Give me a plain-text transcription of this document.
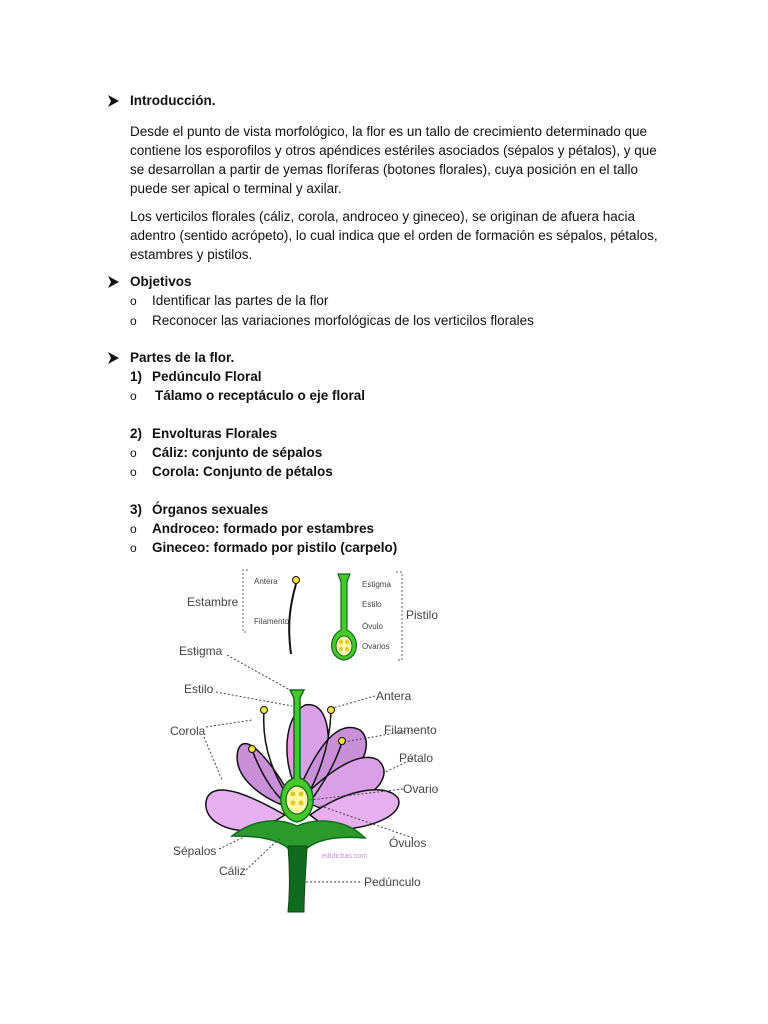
Introducción.

Desde el punto de vista morfológico, la flor es un tallo de crecimiento determinado que contiene los esporofilos y otros apéndices estériles asociados (sépalos y pétalos), y que se desarrollan a partir de yemas floríferas (botones florales), cuya posición en el tallo puede ser apical o terminal y axilar.

Los verticilos florales (cáliz, corola, androceo y gineceo), se originan de afuera hacia adentro (sentido acrópeto), lo cual indica que el orden de formación es sépalos, pétalos, estambres y pistilos.

Objetivos
o	Identificar las partes de la flor
o	Reconocer las variaciones morfológicas de los verticilos florales
Partes de la flor.
1) Pedúnculo Floral
o	Tálamo o receptáculo o eje floral
2) Envolturas Florales
o	Cáliz: conjunto de sépalos
o	Corola: Conjunto de pétalos
3) Órganos sexuales
o	Androceo: formado por estambres
o	Gineceo: formado por pistilo (carpelo)
Estambre
Antera
Filamento
Estigma
Estilo
Óvulo
Ovarios
Pistilo
Estigma
Estilo	Antera
Corola	Filamento
Pétalo
Ovario
Óvulos
Sépalos
Cáliz
Pedúnculo
edufichas.com
